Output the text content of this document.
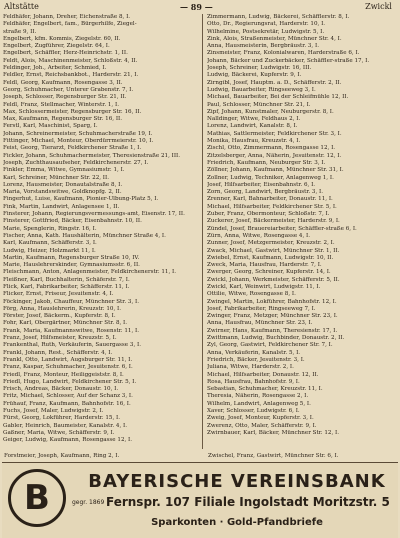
Altstätte	— 89 —	Zwickl
Feldhäfer, Johann, Dreher, Eichenstraße 8, I.
Feldhäfer, Engelbert, fam., Bürgerhilfe, Ziegel-
straße 9, II.
Engelbert, kfm. Kommis, Ziegelstr. 60, II.
Engelbert, Zugführer, Ziegelstr. 64, I.
Engelbert, Schäffler, Herz-Heinrichstr. 1, II.
Feldt, Alois, Maschinenmeister, Schloßstr. 4, II.
Feldinger, Joh., Arbeiter, Schmied, I.
Feldler, Ernst, Reichsbankbot., Harderstr. 21, I.
Feldl, Georg, Kaufmann, Rosengasse 3, II.
Georg, Schuhmacher, Unterer Grabenstr. 7, I.
Joseph, Schlosser, Regensburger Str. 21, II.
Feldl, Franz, Stellmacher, Winterstr. 1, I.
Max, Schlossermeister, Regensburger Str. 16, II.
Max, Kaufmann, Regensburger Str. 16, II.
Ferstl, Karl, Maschinist, Sparg, I.
Johann, Schreinermeister, Schuhmacherstraße 19, I.
Fittinger, Michael, Monteur, Oberdürrmeierstr. 10, I.
Feist, Georg, Tierarzt, Feldkirchener Straße 1, I.
Fickler, Johann, Schuhmachermeister, Theresienstraße 21, III.
Joseph, Zuchthausaufseher, Feldkirchenerstr. 27, I.
Finkler, Emma, Witwe, Gymnasiumstr. 1, I.
Karl, Schreiner, Münchner Str. 22, II.
Lorenz, Hausmeister, Donautalstraße 8, I.
Maria, Vorstandswitwe, Goldknopfg. 2, II.
Fingerhut, Luise, Kaufmann, Pionier-Ulbung-Platz 5, I.
Fink, Martin, Landwirt, Anlagensee 1, II.
Finsterer, Johann, Regierungsvermessungs-amt, Eisenstr. 17, II.
Finsterer, Gottfried, Bäcker, Eisenbahnstr. 10, II.
Marie, Spenglerin, Ringstr. 16, I.
Fischer, Anna, Kath. Haushälterin, Münchner Straße 4, I.
Karl, Kaufmann, Schäfferstr. 3, I.
Ludwig, Heizer, Holzmarkt 11, I.
Martin, Kaufmann, Regensburger Straße 10, IV.
Marie, Hauslehrerskinder, Gymnasiumsstr. 6, II.
Fleischmann, Anton, Anlagenmeister, Feldkirchenerstr. 11, I.
Fleißner, Karl, Buchhalterin, Schäferstr. 7, I.
Flick, Karl, Fabrikarbeiter, Schäfferstr. 11, I.
Flicker, Ernst, Friseur, Jesuitenstr. 4, I.
Föckinger, Jakob, Chauffeur, Münchner Str. 3, I.
Förg, Anna, Hauslehrerin, Kreuzstr. 10, I.
Förster, Josef, Bäckerm., Kupferstr. 8, I.
Fohr, Karl, Obergärtner, Münchner Str. 8, I.
Frank, Maria, Kaufmannswitwe, Rosenstr. 11, I.
Franz, Josef, Hilfsmeister, Kreuzstr. 5, I.
Frankenthal, Ruth, Verkäuferin, Sauergasse 3, I.
Frankl, Johann, Rest., Schäfferstr. 4, I.
Frankl, Otto, Landwirt, Augsburger Str. 11, I.
Franz, Kaspar, Schuhmacher, Jesuitenstr. 6, I.
Friedl, Franz, Monteur, Heiliggeiststr. 8, I.
Friedl, Hugo, Landwirt, Feldkirchener Str. 5, I.
Frisch, Andreas, Bäcker, Donaustr. 10, I.
Fritz, Michael, Schlosser, Auf der Schanz 3, I.
Frühauf, Franz, Kaufmann, Bahnhofstr. 16, I.
Fuchs, Josef, Maler, Ludwigstr. 2, I.
Fürst, Georg, Lokführer, Harderstr. 15, I.
Gabler, Heinrich, Baumeister, Kanalstr. 4, I.
Gaßner, Maria, Witwe, Schäfferstr. 9, I.
Geiger, Ludwig, Kaufmann, Rosengasse 12, I.
Zimmermann, Ludwig, Bäckerei, Schäfflerstr. 8, I.
Otto, Dr., Regierungsrat, Harderstr. 10, I.
Wilhelmine, Postsekretär, Ludwigstr. 5, I.
Zink, Alois, Straßenmeister, Münchner Str. 4, I.
Anna, Hausmeisterin, Bergbräustr. 3, I.
Zinsmeister, Franz, Kolonialwaren, Harderstraße 6, I.
Johann, Bäcker und Zuckerbäcker, Schäffler-straße 17, I.
Joseph, Schreiner, Ludwigstr. 16, III.
Ludwig, Bäckerei, Kupferstr. 9, I.
Zirngibl, Josef, Hauptm. a. D., Schäfferstr. 2, II.
Ludwig, Bauarbeiter, Ringseeweg 3, I.
Michael, Bauarbeiter, Bei der Schleifmühle 12, II.
Paul, Schlosser, Münchner Str. 21, I.
Zipf, Johann, Kunstmaler, Neuburgerstr. 8, I.
Nalldinger, Witwe, Feldhaus 2, I.
Lorenz, Landwirt, Kanalstr. 8, I.
Mathias, Sattlermeister, Feldkirchener Str. 3, I.
Monika, Hausfrau, Kreuzstr. 4, I.
Zischl, Otto, Zimmermann, Rosengasse 12, I.
Zitzelsberger, Anna, Näherin, Jesuitenstr. 12, I.
Friedrich, Kaufmann, Neuburger Str. 3, I.
Zöllner, Johann, Kaufmann, Münchner Str. 31, I.
Zollner, Ludwig, Techniker, Anlagenweg 1, I.
Josef, Hilfsarbeiter, Eisenbahnstr. 6, I.
Zorn, Georg, Landwirt, Bergbräustr. 3, I.
Zrenner, Karl, Bahnarbeiter, Donaustr. 11, I.
Michael, Hilfsarbeiter, Feldkirchener Str. 5, I.
Zuber, Franz, Obermonteur, Schloßstr. 7, I.
Zuckerer, Josef, Bäckermeister, Harderstr. 9, I.
Zündel, Josef, Brauereiarbeiter, Schäffler-straße 6, I.
Zürn, Anna, Witwe, Rosengasse 4, I.
Zunner, Josef, Metzgermeister, Kreuzstr. 2, I.
Zwack, Michael, Gastwirt, Münchner Str. 1, II.
Zwiebel, Ernst, Kaufmann, Ludwigstr. 10, II.
Zweck, Maria, Hausfrau, Harderstr. 7, I.
Zwerger, Georg, Schreiner, Kupferstr. 14, I.
Zwickl, Johann, Werkmeister, Schäfferstr. 5, II.
Zwickl, Karl, Weinwirt, Ludwigstr. 11, I.
Ottilie, Witwe, Rosengasse 8, I.
Zwingel, Martin, Lokführer, Bahnhofstr. 12, I.
Josef, Fabrikarbeiter, Ringseeweg 7, I.
Zwinger, Franz, Metzger, Münchner Str. 23, I.
Anna, Hausfrau, Münchner Str. 23, I.
Zwirner, Hans, Kaufmann, Theresienstr. 17, I.
Zwittmann, Ludwig, Buchbinder, Donaustr. 2, II.
Zyl, Georg, Gastwirt, Feldkirchener Str. 7, I.
Anna, Verkäuferin, Kanalstr. 5, I.
Friedrich, Bäcker, Jesuitenstr. 3, I.
Juliana, Witwe, Harderstr. 2, I.
Michael, Hilfsarbeiter, Donaustr. 12, II.
Rosa, Hausfrau, Bahnhofstr. 9, I.
Sebastian, Schuhmacher, Kreuzstr. 11, I.
Theresia, Näherin, Rosengasse 2, I.
Wilhelm, Landwirt, Anlagenweg 5, I.
Xaver, Schlosser, Ludwigstr. 6, I.
Zweig, Josef, Monteur, Kupferstr. 3, I.
Zwerenz, Otto, Maler, Schäfferstr. 9, I.
Zwirnbauer, Karl, Bäcker, Münchner Str. 12, I.
Forstmeier, Joseph, Kaufmann, Ring 2, I.	Zwischel, Franz, Gastwirt, Münchner Str. 6, I.
B	BAYERISCHE VEREINSBANK
gegr. 1869 Fernspr. 107 Filiale Ingolstadt Moritzstr. 5
Sparkonten · Gold-Pfandbriefe
